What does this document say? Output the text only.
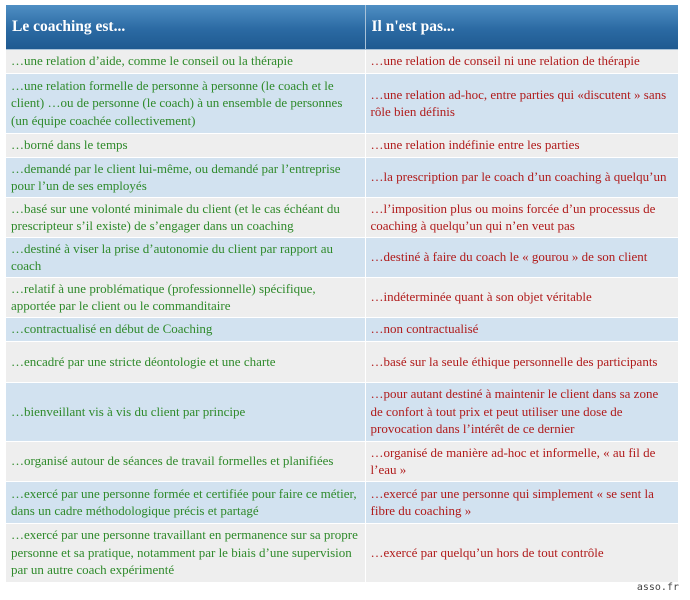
Le coaching est...	Il n'est pas...
…une relation d’aide, comme le conseil ou la thérapie	…une relation de conseil ni une relation de thérapie
…une relation formelle de personne à personne (le coach et le client) …ou de personne (le coach) à un ensemble de personnes (un équipe coachée collectivement)	…une relation ad-hoc, entre parties qui «discutent » sans rôle bien définis
…borné dans le temps	…une relation indéfinie entre les parties
…demandé par le client lui-même, ou demandé par l’entreprise pour l’un de ses employés	…la prescription par le coach d’un coaching à quelqu’un
…basé sur une volonté minimale du client (et le cas échéant du prescripteur s’il existe) de s’engager dans un coaching	…l’imposition plus ou moins forcée d’un processus de coaching à quelqu’un qui n’en veut pas
…destiné à viser la prise d’autonomie du client par rapport au coach	…destiné à faire du coach le « gourou » de son client
…relatif à une problématique (professionnelle) spécifique, apportée par le client ou le commanditaire	…indéterminée quant à son objet véritable
…contractualisé en début de Coaching	…non contractualisé
…encadré par une stricte déontologie et une charte	…basé sur la seule éthique personnelle des participants
…bienveillant vis à vis du client par principe	…pour autant destiné à maintenir le client dans sa zone de confort à tout prix et peut utiliser une dose de provocation dans l’intérêt de ce dernier
…organisé autour de séances de travail formelles et planifiées	…organisé de manière ad-hoc et informelle, « au fil de l’eau »
…exercé par une personne formée et certifiée pour faire ce métier, dans un cadre méthodologique précis et partagé	…exercé par une personne qui simplement « se sent la fibre du coaching »
…exercé par une personne travaillant en permanence sur sa propre personne et sa pratique, notamment par le biais d’une supervision par un autre coach expérimenté	…exercé par quelqu’un hors de tout contrôle
asso.fr
